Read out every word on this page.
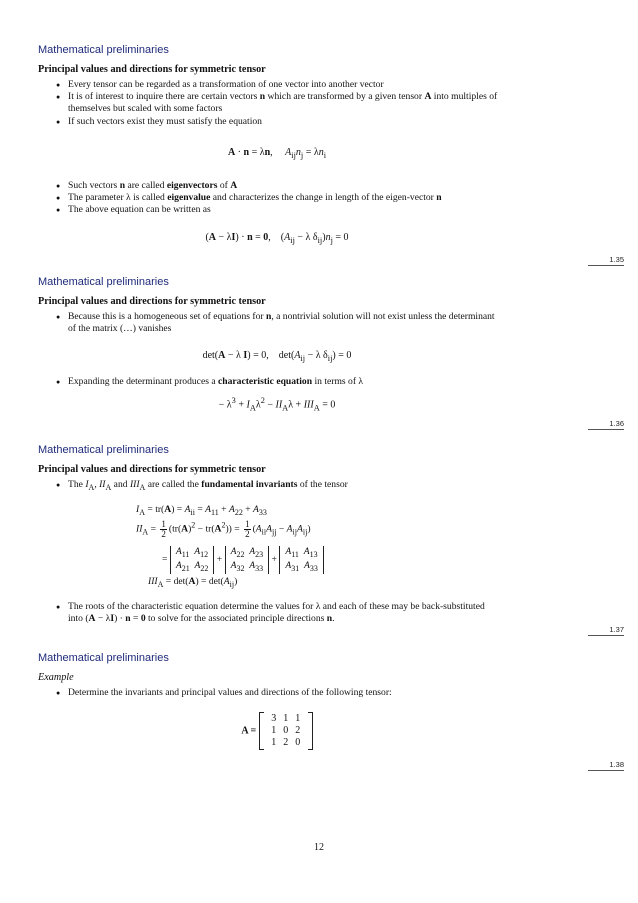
Mathematical preliminaries
Principal values and directions for symmetric tensor
● Every tensor can be regarded as a transformation of one vector into another vector
● It is of interest to inquire there are certain vectors n which are transformed by a given tensor A into multiples of themselves but scaled with some factors
● If such vectors exist they must satisfy the equation
A · n = λn,     $A_{ij}n_j = \lambda n_i$
● Such vectors n are called eigenvectors of A
● The parameter λ is called eigenvalue and characterizes the change in length of the eigen-vector n
● The above equation can be written as
(A − λI) · n = 0,    ($A_{ij} - \lambda$ $\delta_{ij})n_j = 0$
1.35
Mathematical preliminaries
Principal values and directions for symmetric tensor
● Because this is a homogeneous set of equations for n, a nontrivial solution will not exist unless the determinant of the matrix (…) vanishes
det(A − λ I) = 0,    $\det(A_{ij} - \lambda$ $\delta_{ij}) = 0$
● Expanding the determinant produces a characteristic equation in terms of λ
− $\lambda^3 + I_A\lambda^2 - II_A\lambda + III_A = 0$
1.36
Mathematical preliminaries
Principal values and directions for symmetric tensor
● The $I_A$, $II_A$ and $III_A$ are called the fundamental invariants of the tensor
$I_A = tr(A) = A_{ii} = A_{11} + A_{22} + A_{33}$
$II_A = \frac{1}{2} (tr(A)^2 - tr(A^2)) = \frac{1}{2} (A_{ii}A_{jj} - A_{ij}A_{ij})$
= $A_{11}$ $A_{12}$
$A_{21}$ $A_{22} + A_{22}$ $A_{23}$
$A_{32}$ $A_{33} + A_{11}$ $A_{13}$
$A_{31}$ $A_{33}$
$III_A = \det(A) = \det(A_{ij})$
● The roots of the characteristic equation determine the values for λ and each of these may be back-substituted into (A − λI) · n = 0 to solve for the associated principle directions n.
1.37
Mathematical preliminaries
Example
● Determine the invariants and principal values and directions of the following tensor:
A =
3 1 1
1 0 2
1 2 0
1.38
12
